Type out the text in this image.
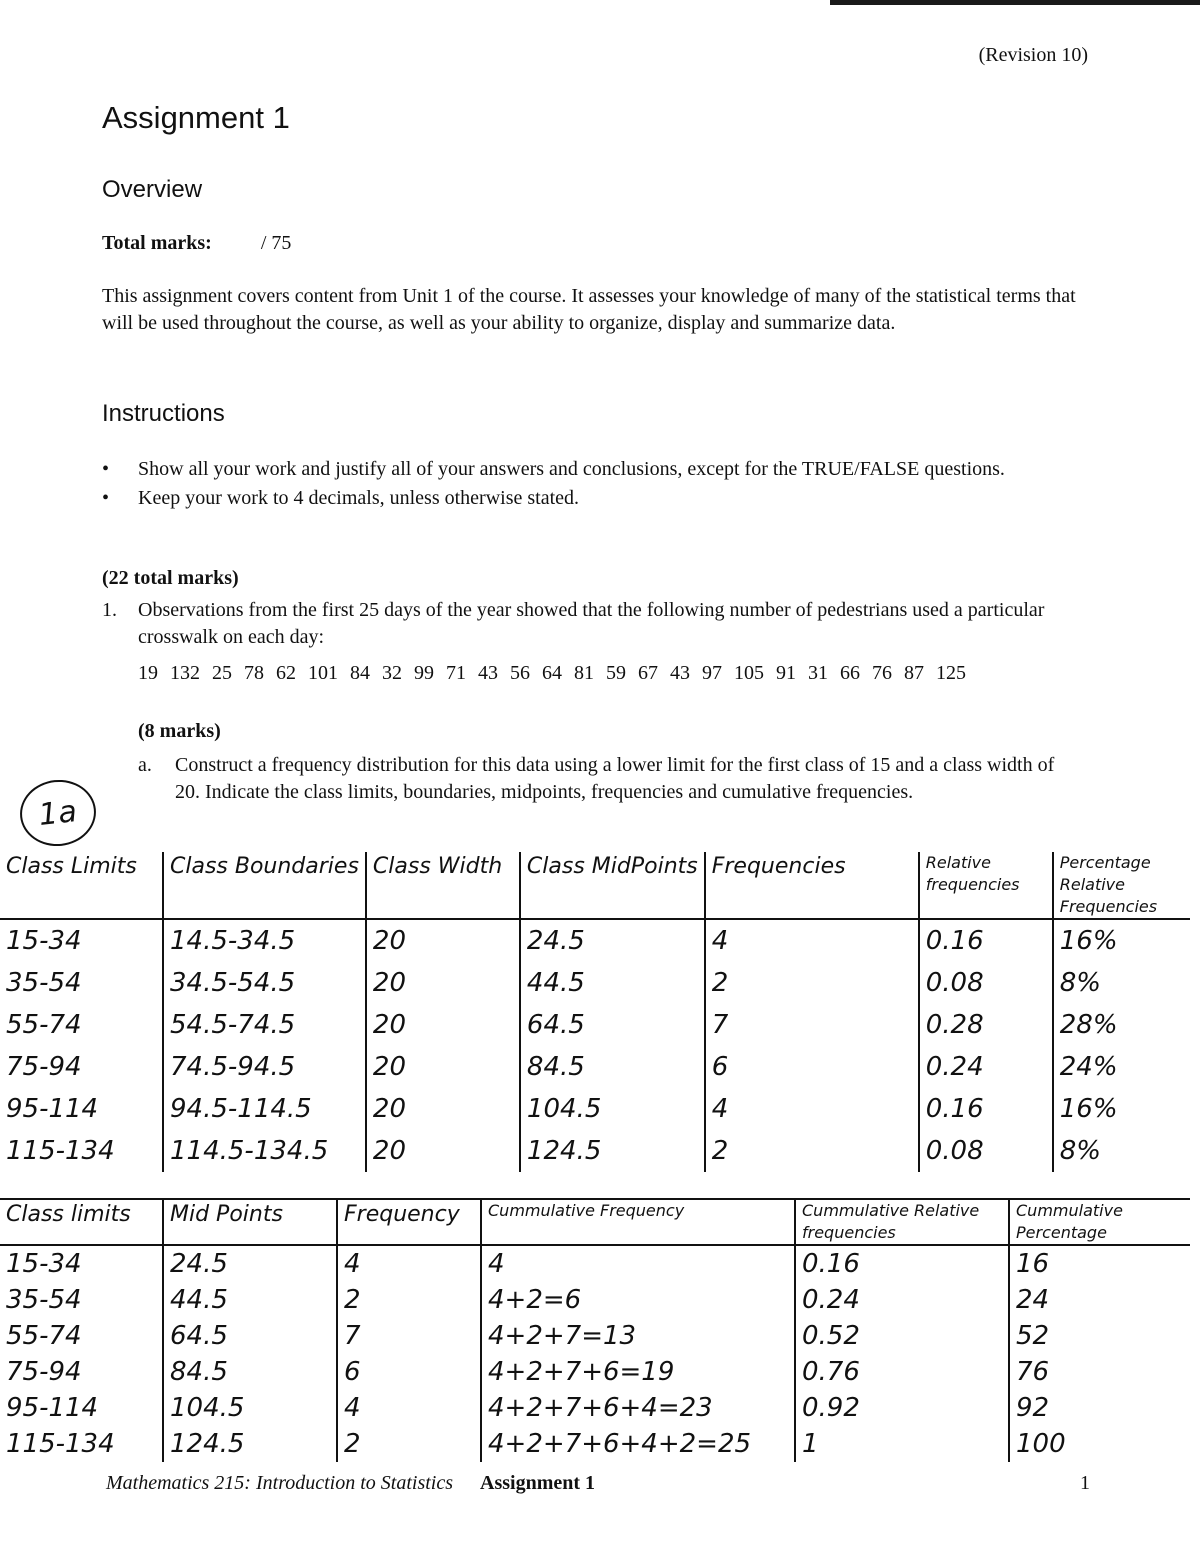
(Revision 10)
Assignment 1
Overview
Total marks: / 75
This assignment covers content from Unit 1 of the course. It assesses your knowledge of many of the statistical terms that will be used throughout the course, as well as your ability to organize, display and summarize data.
Instructions
• Show all your work and justify all of your answers and conclusions, except for the TRUE/FALSE questions.
• Keep your work to 4 decimals, unless otherwise stated.
(22 total marks)
1. Observations from the first 25 days of the year showed that the following number of pedestrians used a particular crosswalk on each day:
19 132 25 78 62 101 84 32 99 71 43 56 64 81 59 67 43 97 105 91 31 66 76 87 125
(8 marks)
a. Construct a frequency distribution for this data using a lower limit for the first class of 15 and a class width of 20. Indicate the class limits, boundaries, midpoints, frequencies and cumulative frequencies.
1a
Class Limits	Class Boundaries	Class Width	Class MidPoints	Frequencies	Relative frequencies	Percentage Relative Frequencies
15-34	14.5-34.5	20	24.5	4	0.16	16%
35-54	34.5-54.5	20	44.5	2	0.08	8%
55-74	54.5-74.5	20	64.5	7	0.28	28%
75-94	74.5-94.5	20	84.5	6	0.24	24%
95-114	94.5-114.5	20	104.5	4	0.16	16%
115-134	114.5-134.5	20	124.5	2	0.08	8%
Class limits	Mid Points	Frequency	Cummulative Frequency	Cummulative Relative frequencies	Cummulative Percentage
15-34	24.5	4	4	0.16	16
35-54	44.5	2	4+2=6	0.24	24
55-74	64.5	7	4+2+7=13	0.52	52
75-94	84.5	6	4+2+7+6=19	0.76	76
95-114	104.5	4	4+2+7+6+4=23	0.92	92
115-134	124.5	2	4+2+7+6+4+2=25	1	100
Mathematics 215: Introduction to Statistics Assignment 1	1
